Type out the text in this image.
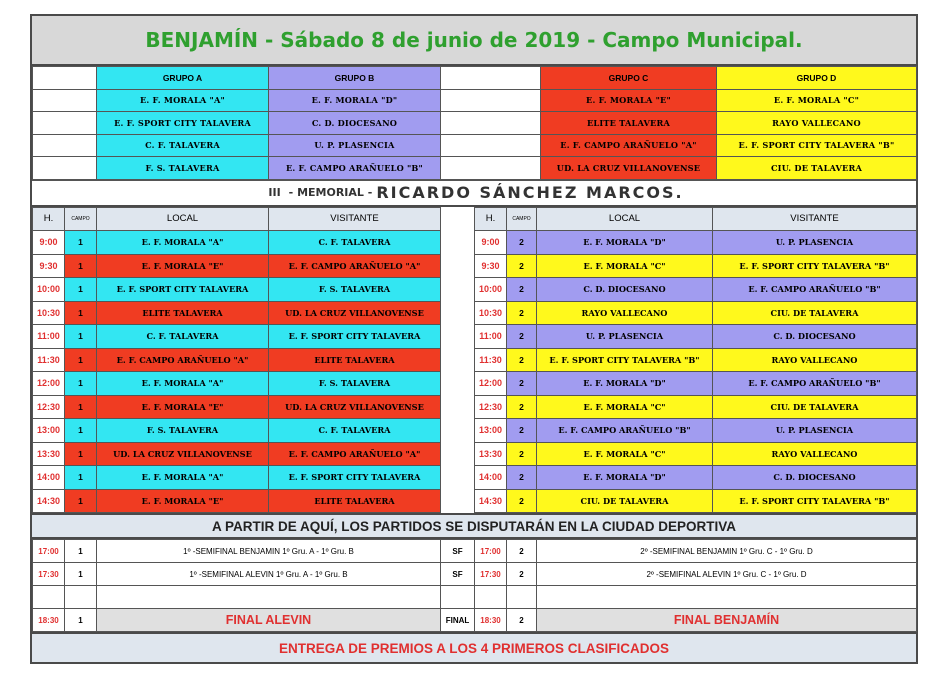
BENJAMÍN - Sábado 8 de junio de 2019 - Campo Municipal.
	GRUPO A	GRUPO B		GRUPO C	GRUPO D
	E. F. MORALA "A"	E. F. MORALA "D"		E. F. MORALA "E"	E. F. MORALA "C"
	E. F. SPORT CITY TALAVERA	C. D. DIOCESANO		ELITE TALAVERA	RAYO VALLECANO
	C. F. TALAVERA	U. P. PLASENCIA		E. F. CAMPO ARAÑUELO "A"	E. F. SPORT CITY TALAVERA "B"
	F. S. TALAVERA	E. F. CAMPO ARAÑUELO "B"		UD. LA CRUZ VILLANOVENSE	CIU. DE TALAVERA
III - MEMORIAL - RICARDO SÁNCHEZ MARCOS .
H.	CAMPO	LOCAL	VISITANTE		H.	CAMPO	LOCAL	VISITANTE
9:00	1	E. F. MORALA "A"	C. F. TALAVERA		9:00	2	E. F. MORALA "D"	U. P. PLASENCIA
9:30	1	E. F. MORALA "E"	E. F. CAMPO ARAÑUELO "A"		9:30	2	E. F. MORALA "C"	E. F. SPORT CITY TALAVERA "B"
10:00	1	E. F. SPORT CITY TALAVERA	F. S. TALAVERA		10:00	2	C. D. DIOCESANO	E. F. CAMPO ARAÑUELO "B"
10:30	1	ELITE TALAVERA	UD. LA CRUZ VILLANOVENSE		10:30	2	RAYO VALLECANO	CIU. DE TALAVERA
11:00	1	C. F. TALAVERA	E. F. SPORT CITY TALAVERA		11:00	2	U. P. PLASENCIA	C. D. DIOCESANO
11:30	1	E. F. CAMPO ARAÑUELO "A"	ELITE TALAVERA		11:30	2	E. F. SPORT CITY TALAVERA "B"	RAYO VALLECANO
12:00	1	E. F. MORALA "A"	F. S. TALAVERA		12:00	2	E. F. MORALA "D"	E. F. CAMPO ARAÑUELO "B"
12:30	1	E. F. MORALA "E"	UD. LA CRUZ VILLANOVENSE		12:30	2	E. F. MORALA "C"	CIU. DE TALAVERA
13:00	1	F. S. TALAVERA	C. F. TALAVERA		13:00	2	E. F. CAMPO ARAÑUELO "B"	U. P. PLASENCIA
13:30	1	UD. LA CRUZ VILLANOVENSE	E. F. CAMPO ARAÑUELO "A"		13:30	2	E. F. MORALA "C"	RAYO VALLECANO
14:00	1	E. F. MORALA "A"	E. F. SPORT CITY TALAVERA		14:00	2	E. F. MORALA "D"	C. D. DIOCESANO
14:30	1	E. F. MORALA "E"	ELITE TALAVERA		14:30	2	CIU. DE TALAVERA	E. F. SPORT CITY TALAVERA "B"
A PARTIR DE AQUÍ, LOS PARTIDOS SE DISPUTARÁN EN LA CIUDAD DEPORTIVA
17:00	1	1º -SEMIFINAL BENJAMIN 1º Gru. A - 1º Gru. B	SF	17:00	2	2º -SEMIFINAL BENJAMIN 1º Gru. C - 1º Gru. D
17:30	1	1º -SEMIFINAL ALEVIN 1º Gru. A - 1º Gru. B	SF	17:30	2	2º -SEMIFINAL ALEVIN 1º Gru. C - 1º Gru. D

18:30	1	FINAL ALEVIN	FINAL	18:30	2	FINAL BENJAMÍN
ENTREGA DE PREMIOS A LOS 4 PRIMEROS CLASIFICADOS
